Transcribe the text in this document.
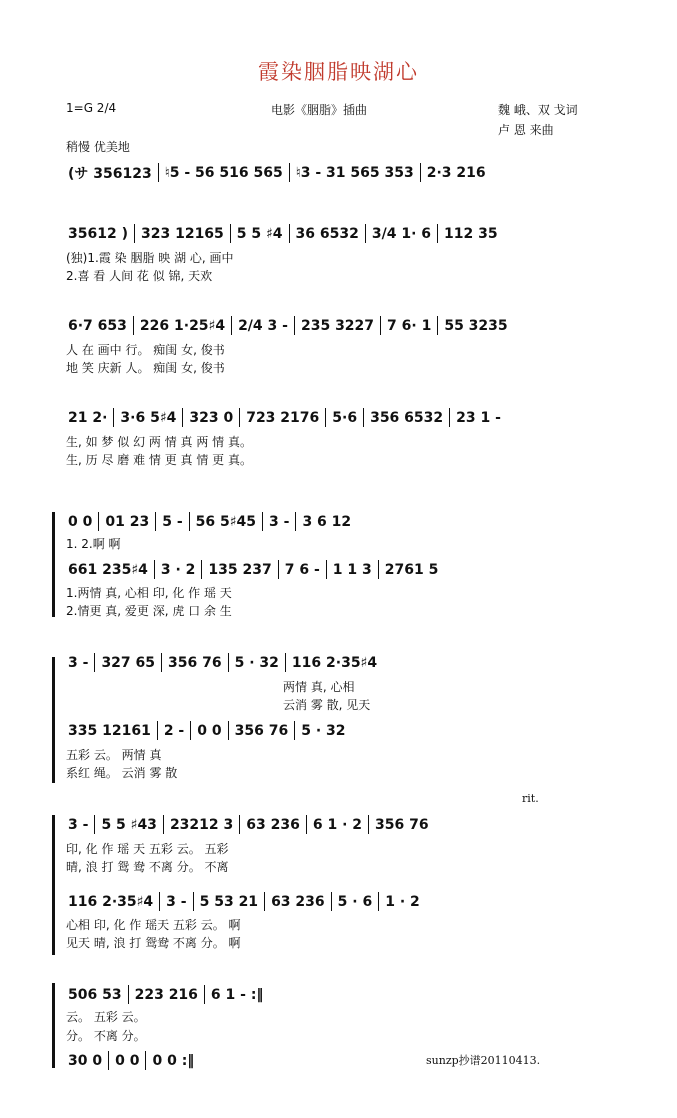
霞染胭脂映湖心
1=G 2/4	电影《胭脂》插曲	魏 峨、双 戈词
卢 恩 来曲
稍慢 优美地
(サ 356123 ♮5 - 56 516 565 ♮3 - 31 565 353 2·3 216
35612 ) 323 12165 5 5 ♯4 36 6532 3/4 1· 6 112 35
(独)1.霞 染 胭脂 映 湖 心, 画中
2.喜 看 人间 花 似 锦, 天欢
6·7 653 226 1·25♯4 2/4 3 - 235 3227 7 6· 1 55 3235
人 在 画中 行。 痴闺 女, 俊书
地 笑 庆新 人。 痴闺 女, 俊书
21 2· 3·6 5♯4 323 0 723 2176 5·6 356 6532 23 1 -
生, 如 梦 似 幻 两 情 真 两 情 真。
生, 历 尽 磨 难 情 更 真 情 更 真。
0 0 01 23 5 - 56 5♯45 3 - 3 6 12
1. 2.啊 啊
661 235♯4 3 · 2 135 237 7 6 - 1 1 3 2761 5
1.两情 真, 心相 印, 化 作 瑶 天
2.情更 真, 爱更 深, 虎 口 余 生
3 - 327 65 356 76 5 · 32 116 2·35♯4
两情 真, 心相
云消 雾 散, 见天
335 12161 2 - 0 0 356 76 5 · 32
五彩 云。 两情 真
系红 绳。 云消 雾 散
3 - 5 5 ♯43 23212 3 63 236 6 1 · 2 356 76
印, 化 作 瑶 天 五彩 云。 五彩
晴, 浪 打 鸳 鸯 不离 分。 不离
rit.
116 2·35♯4 3 - 5 53 21 63 236 5 · 6 1 · 2
心相 印, 化 作 瑶天 五彩 云。 啊
见天 晴, 浪 打 鸳鸯 不离 分。 啊
506 53 223 216 6 1 - :‖
云。 五彩 云。
分。 不离 分。
30 0 0 0 0 0 :‖	sunzp抄谱20110413.
